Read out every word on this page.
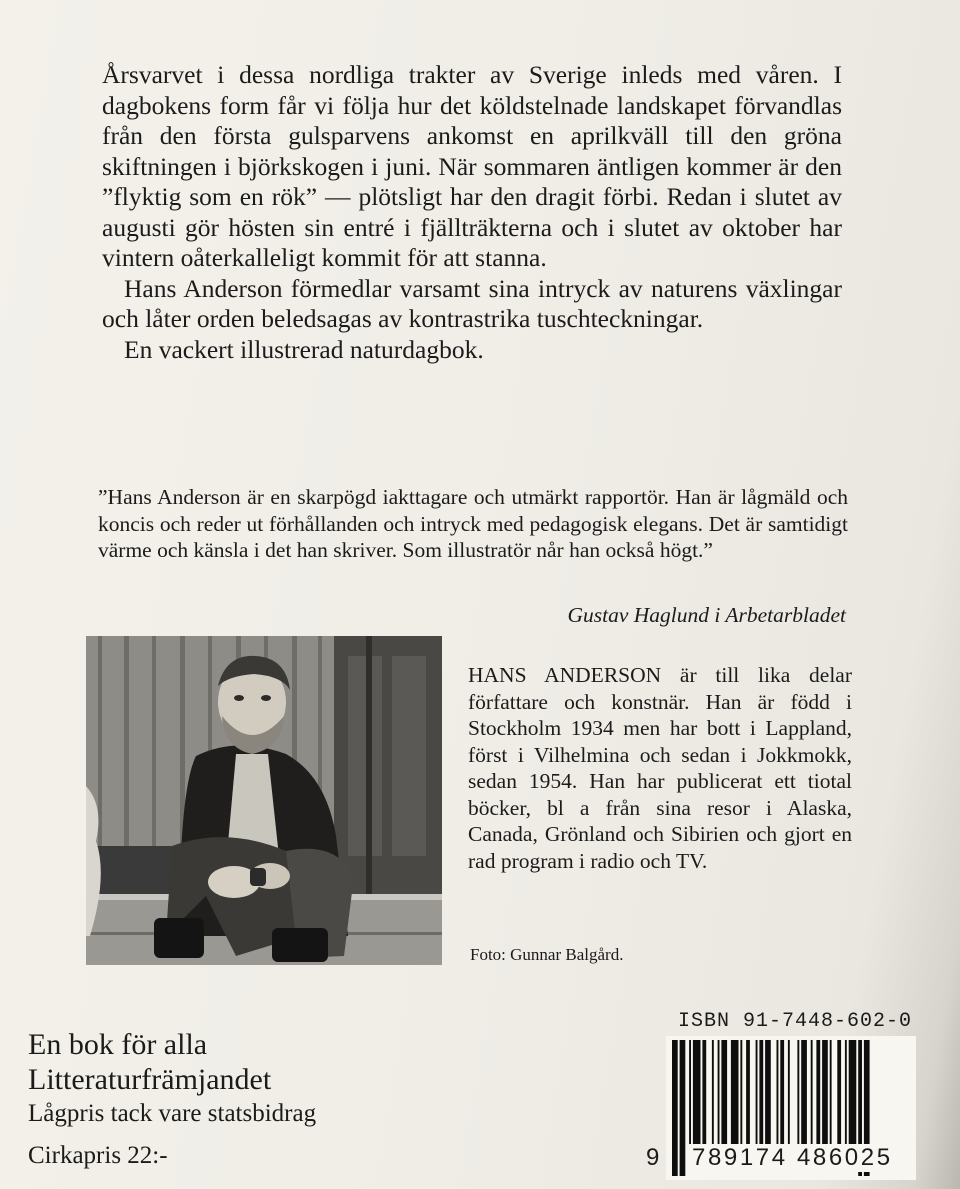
Årsvarvet i dessa nordliga trakter av Sverige inleds med våren. I dagbokens form får vi följa hur det köldstelnade landskapet förvandlas från den första gulsparvens ankomst en aprilkväll till den gröna skiftningen i björkskogen i juni. När sommaren äntligen kommer är den ”flyktig som en rök” — plötsligt har den dragit förbi. Redan i slutet av augusti gör hösten sin entré i fjällträkterna och i slutet av oktober har vintern oåterkalleligt kommit för att stanna.

Hans Anderson förmedlar varsamt sina intryck av naturens växlingar och låter orden beledsagas av kontrastrika tuschteckningar.

En vackert illustrerad naturdagbok.

”Hans Anderson är en skarpögd iakttagare och utmärkt rapportör. Han är lågmäld och koncis och reder ut förhållanden och intryck med pedagogisk elegans. Det är samtidigt värme och känsla i det han skriver. Som illustratör når han också högt.”
Gustav Haglund i Arbetarbladet
HANS ANDERSON är till lika delar författare och konstnär. Han är född i Stockholm 1934 men har bott i Lappland, först i Vilhelmina och sedan i Jokkmokk, sedan 1954. Han har publicerat ett tiotal böcker, bl a från sina resor i Alaska, Canada, Grönland och Sibirien och gjort en rad program i radio och TV.
Foto: Gunnar Balgård.
En bok för alla
Litteraturfrämjandet
Lågpris tack vare statsbidrag
Cirkapris 22:-
ISBN 91-7448-602-0
9 789174 486025
